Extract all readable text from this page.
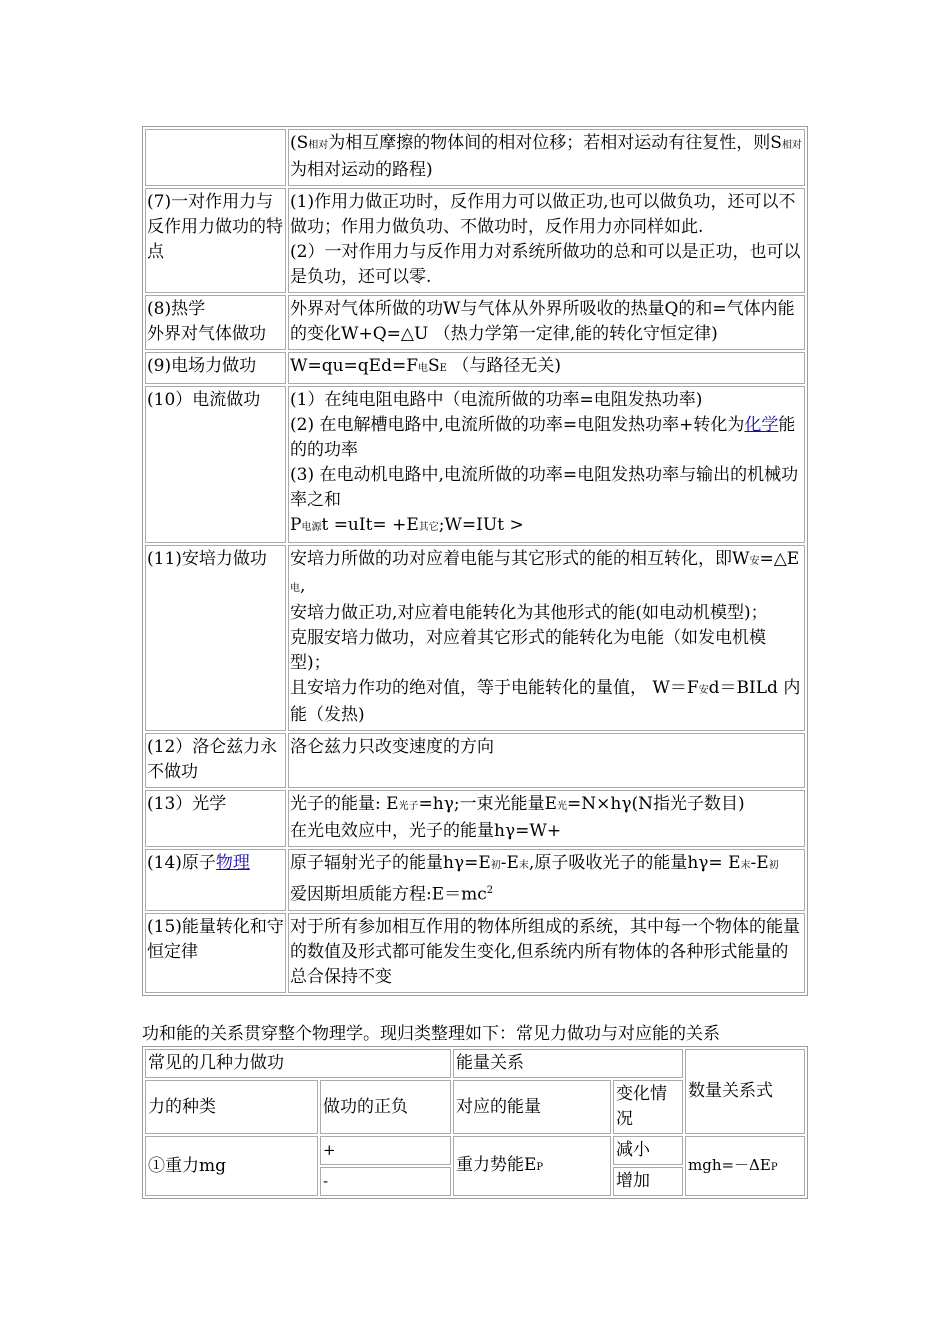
	(S相对为相互摩擦的物体间的相对位移；若相对运动有往复性，则S相对为相对运动的路程)
(7)一对作用力与反作用力做功的特点	(1)作用力做正功时，反作用力可以做正功,也可以做负功，还可以不做功；作用力做负功、不做功时，反作用力亦同样如此.
(2）一对作用力与反作用力对系统所做功的总和可以是正功，也可以是负功，还可以零.

(8)热学
外界对气体做功	外界对气体所做的功W与气体从外界所吸收的热量Q的和=气体内能的变化W+Q=△U （热力学第一定律,能的转化守恒定律)
(9)电场力做功	W=qu=qEd=F电SE （与路径无关)
(10）电流做功	(1）在纯电阻电路中（电流所做的功率=电阻发热功率)
(2) 在电解槽电路中,电流所做的功率=电阻发热功率+转化为化学能的的功率
(3) 在电动机电路中,电流所做的功率=电阻发热功率与输出的机械功率之和
P电源t =uIt= +E其它;W=IUt >

(11)安培力做功	安培力所做的功对应着电能与其它形式的能的相互转化，即W安=△E电,
安培力做正功,对应着电能转化为其他形式的能(如电动机模型)；
克服安培力做功，对应着其它形式的能转化为电能（如发电机模型)；
且安培力作功的绝对值，等于电能转化的量值， W＝F安d＝BILd 内能（发热)

(12）洛仑兹力永不做功	洛仑兹力只改变速度的方向
(13）光学	光子的能量: E光子=hγ;一束光能量E光=N×hγ(N指光子数目)
在光电效应中，光子的能量hγ=W+

(14)原子物理	原子辐射光子的能量hγ=E初-E末,原子吸收光子的能量hγ= E末-E初
爱因斯坦质能方程$:E=mc^2$

(15)能量转化和守恒定律	对于所有参加相互作用的物体所组成的系统，其中每一个物体的能量的数值及形式都可能发生变化,但系统内所有物体的各种形式能量的总合保持不变
功和能的关系贯穿整个物理学。现归类整理如下：常见力做功与对应能的关系
常见的几种力做功		能量关系		数量关系式
力的种类	做功的正负	对应的能量	变化情况	
①重力mg	+	重力势能EP	减小	mgh=－ΔEP
	-		增加	
